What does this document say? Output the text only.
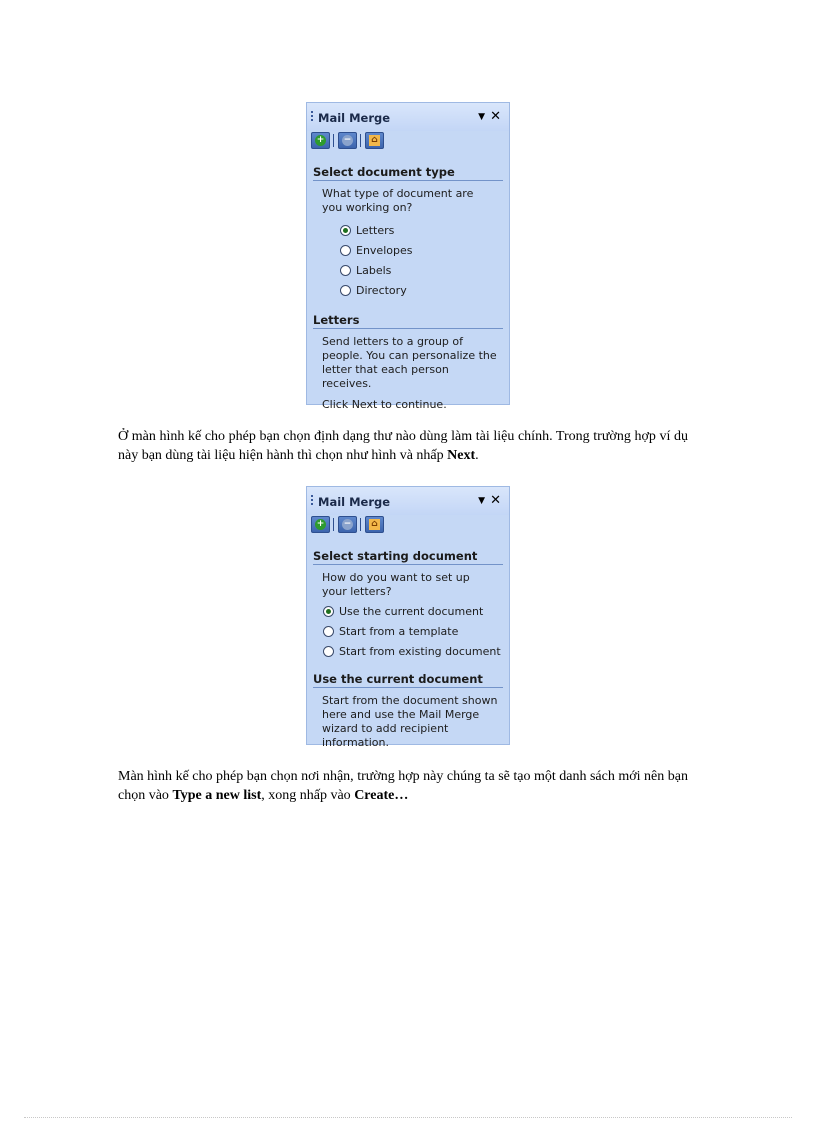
Mail Merge	▼ ✕
+ − ⌂
Select document type
What type of document are you working on?
Letters
Envelopes
Labels
Directory
Letters
Send letters to a group of people. You can personalize the letter that each person receives.
Click Next to continue.
Ở màn hình kế cho phép bạn chọn định dạng thư nào dùng làm tài liệu chính. Trong trường hợp ví dụ này bạn dùng tài liệu hiện hành thì chọn như hình và nhấp Next.
Mail Merge	▼ ✕
+ − ⌂
Select starting document
How do you want to set up your letters?
Use the current document
Start from a template
Start from existing document
Use the current document
Start from the document shown here and use the Mail Merge wizard to add recipient information.
Màn hình kế cho phép bạn chọn nơi nhận, trường hợp này chúng ta sẽ tạo một danh sách mới nên bạn chọn vào Type a new list, xong nhấp vào Create…
